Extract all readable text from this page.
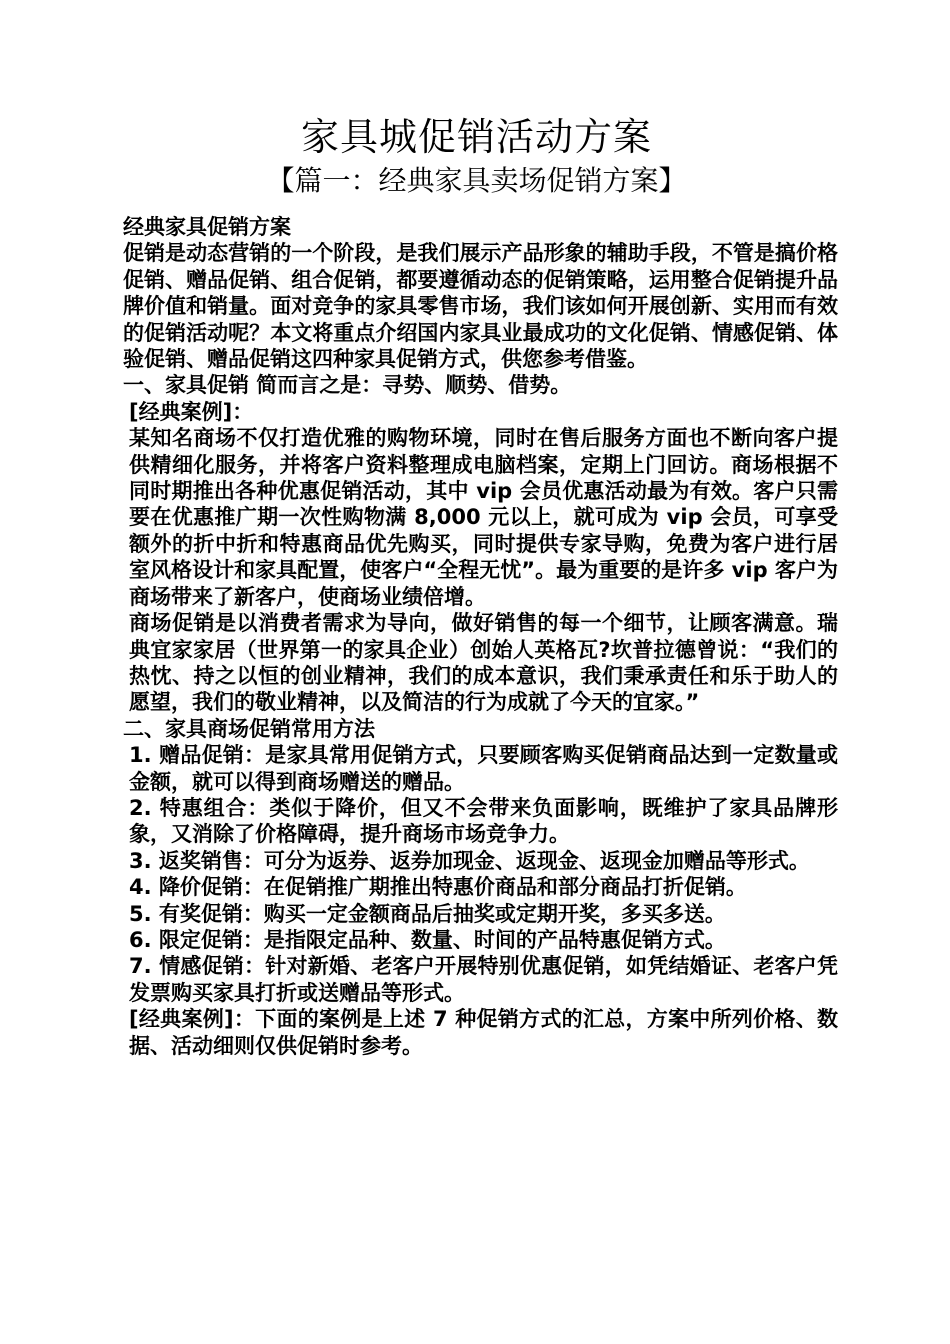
家具城促销活动方案
【篇一：经典家具卖场促销方案】

经典家具促销方案

促销是动态营销的一个阶段，是我们展示产品形象的辅助手段，不管是搞价格促销、赠品促销、组合促销，都要遵循动态的促销策略，运用整合促销提升品牌价值和销量。面对竞争的家具零售市场，我们该如何开展创新、实用而有效的促销活动呢？本文将重点介绍国内家具业最成功的文化促销、情感促销、体验促销、赠品促销这四种家具促销方式，供您参考借鉴。

一、家具促销 简而言之是：寻势、顺势、借势。

[经典案例]：

某知名商场不仅打造优雅的购物环境，同时在售后服务方面也不断向客户提供精细化服务，并将客户资料整理成电脑档案，定期上门回访。商场根据不同时期推出各种优惠促销活动，其中 vip 会员优惠活动最为有效。客户只需要在优惠推广期一次性购物满 8,000 元以上，就可成为 vip 会员，可享受额外的折中折和特惠商品优先购买，同时提供专家导购，免费为客户进行居室风格设计和家具配置，使客户“全程无忧”。最为重要的是许多 vip 客户为商场带来了新客户，使商场业绩倍增。

商场促销是以消费者需求为导向，做好销售的每一个细节，让顾客满意。瑞典宜家家居（世界第一的家具企业）创始人英格瓦?坎普拉德曾说：“我们的热忱、持之以恒的创业精神，我们的成本意识，我们秉承责任和乐于助人的愿望，我们的敬业精神，以及简洁的行为成就了今天的宜家。”

二、家具商场促销常用方法

1. 赠品促销：是家具常用促销方式，只要顾客购买促销商品达到一定数量或金额，就可以得到商场赠送的赠品。

2. 特惠组合：类似于降价，但又不会带来负面影响，既维护了家具品牌形象，又消除了价格障碍，提升商场市场竞争力。

3. 返奖销售：可分为返券、返券加现金、返现金、返现金加赠品等形式。

4. 降价促销：在促销推广期推出特惠价商品和部分商品打折促销。

5. 有奖促销：购买一定金额商品后抽奖或定期开奖，多买多送。

6. 限定促销：是指限定品种、数量、时间的产品特惠促销方式。

7. 情感促销：针对新婚、老客户开展特别优惠促销，如凭结婚证、老客户凭发票购买家具打折或送赠品等形式。

[经典案例]：下面的案例是上述 7 种促销方式的汇总，方案中所列价格、数据、活动细则仅供促销时参考。
